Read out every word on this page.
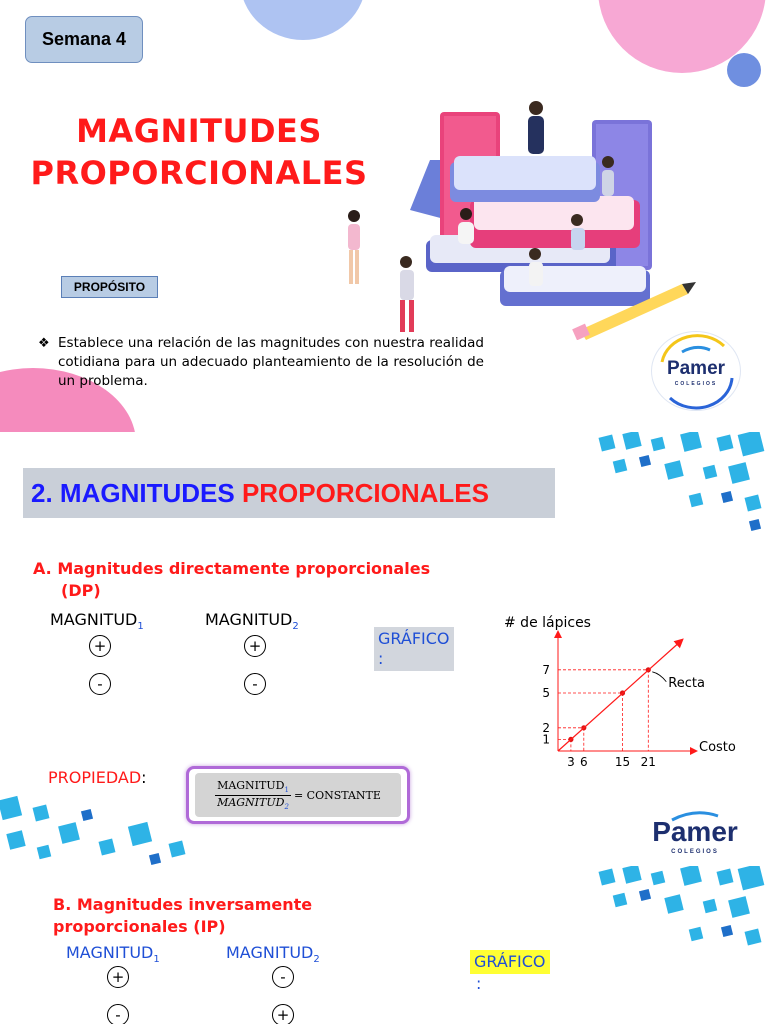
Semana 4
MAGNITUDES
PROPORCIONALES
PROPÓSITO
❖ Establece una relación de las magnitudes con nuestra realidad cotidiana para un adecuado planteamiento de la resolución de un problema.
Pamer
COLEGIOS
2.
MAGNITUDES
PROPORCIONALES
A. Magnitudes directamente proporcionales
(DP)
$MAGNITUD_1$	$MAGNITUD_2$
+	+
-	-
GRÁFICO
:
# de lápices
Costo
3
1
6
2
15
5
21
7
Recta
PROPIEDAD:
$\frac{MAGNITUD_1}{MAGNITUD_2}$ = CONSTANTE
Pamer
COLEGIOS
B. Magnitudes inversamente
proporcionales (IP)
$MAGNITUD_1$	$MAGNITUD_2$
+	-
-	+
GRÁFICO
:
